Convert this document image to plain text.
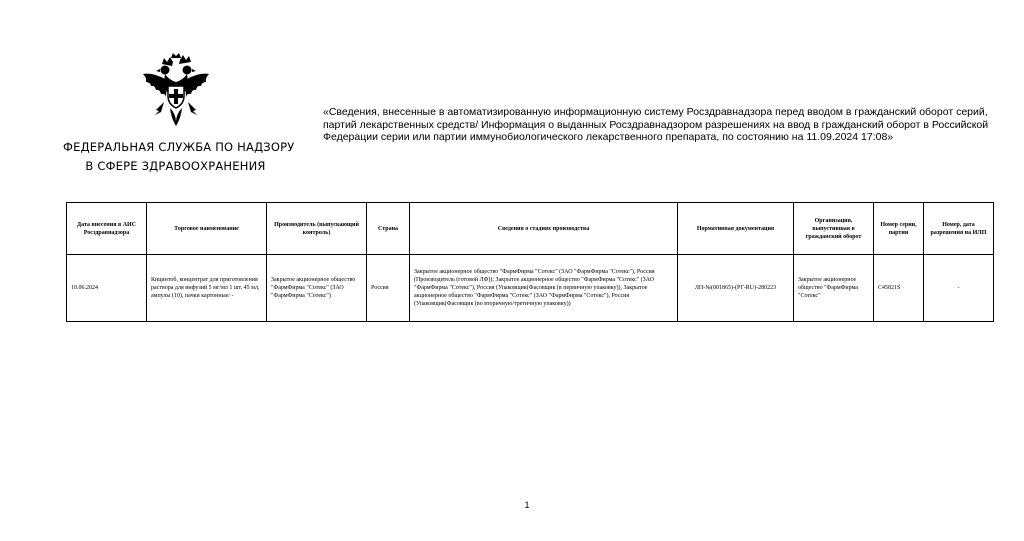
ФЕДЕРАЛЬНАЯ СЛУЖБА ПО НАДЗОРУ
В СФЕРЕ ЗДРАВООХРАНЕНИЯ
«Сведения, внесенные в автоматизированную информационную систему Росздравнадзора перед вводом в гражданский оборот серий, партий лекарственных средств/ Информация о выданных Росздравнадзором разрешениях на ввод в гражданский оборот в Российской Федерации серии или партии иммунобиологического лекарственного препарата, по состоянию на 11.09.2024 17:08»
Дата внесения в АИС Росздравнадзора	Торговое наименование	Производитель (выпускающий контроль)	Страна	Сведения о стадиях производства	Нормативная документация	Организация, выпустившая в гражданский оборот	Номер серии, партии	Номер, дата разрешения на ИЛП
10.06.2024	Кицинтоб, концентрат для приготовления раствора для инфузий 5 мг/мл 1 шт. 45 мл, ампулы (10), пачки картонные/ -	Закрытое акционерное общество "ФармФирма "Сотекс" (ЗАО "ФармФирма "Сотекс")	Россия	Закрытое акционерное общество "ФармФирма "Сотекс" (ЗАО "ФармФирма "Сотекс"), Россия (Производитель (готовой ЛФ)); Закрытое акционерное общество "ФармФирма "Сотекс" (ЗАО "ФармФирма "Сотекс"), Россия (Упаковщик(Фасовщик (в первичную упаковку)), Закрытое акционерное общество "ФармФирма "Сотекс" (ЗАО "ФармФирма "Сотекс"), Россия (Упаковщик(Фасовщик (во вторичную/третичную упаковку))	ЛП-№(001865)-(РГ-RU)-280223	Закрытое акционерное общество "ФармФирма "Сотекс"	C45821S	-
1
